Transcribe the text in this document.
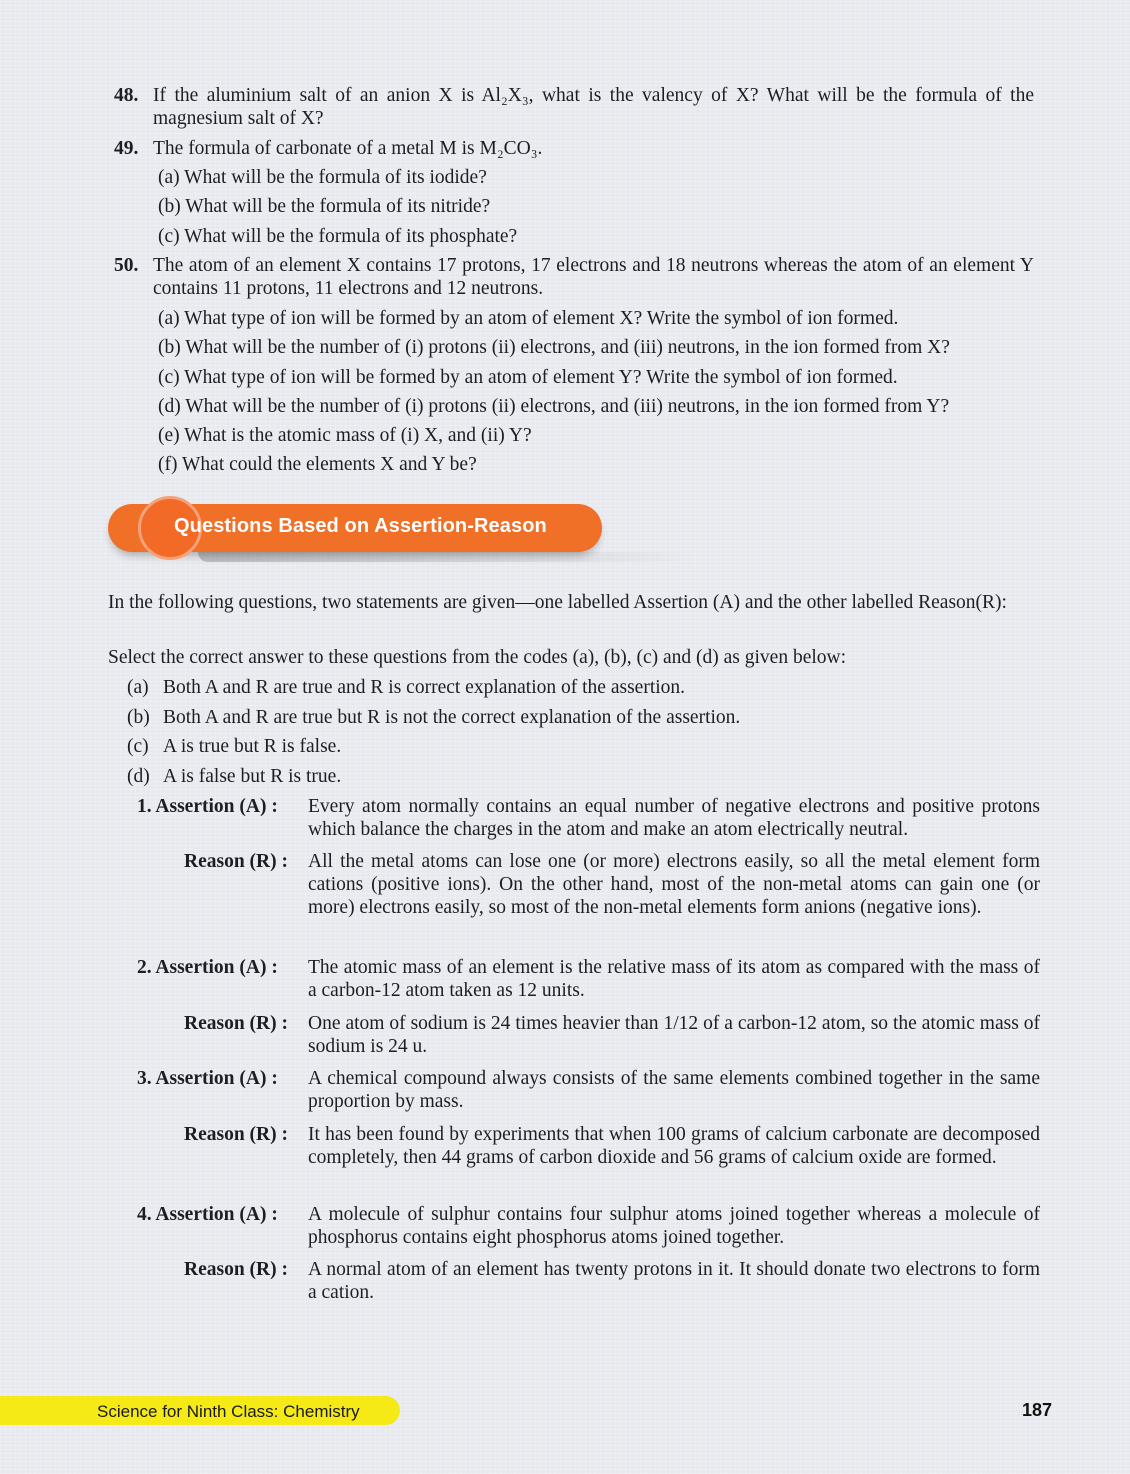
48. If the aluminium salt of an anion X is Al₂X₃, what is the valency of X? What will be the formula of the magnesium salt of X?
49. The formula of carbonate of a metal M is M₂CO₃.
(a) What will be the formula of its iodide?
(b) What will be the formula of its nitride?
(c) What will be the formula of its phosphate?
50. The atom of an element X contains 17 protons, 17 electrons and 18 neutrons whereas the atom of an element Y contains 11 protons, 11 electrons and 12 neutrons.
(a) What type of ion will be formed by an atom of element X? Write the symbol of ion formed.
(b) What will be the number of (i) protons (ii) electrons, and (iii) neutrons, in the ion formed from X?
(c) What type of ion will be formed by an atom of element Y? Write the symbol of ion formed.
(d) What will be the number of (i) protons (ii) electrons, and (iii) neutrons, in the ion formed from Y?
(e) What is the atomic mass of (i) X, and (ii) Y?
(f) What could the elements X and Y be?
Questions Based on Assertion-Reason
In the following questions, two statements are given—one labelled Assertion (A) and the other labelled Reason(R):
Select the correct answer to these questions from the codes (a), (b), (c) and (d) as given below:
(a) Both A and R are true and R is correct explanation of the assertion.
(b) Both A and R are true but R is not the correct explanation of the assertion.
(c) A is true but R is false.
(d) A is false but R is true.
1. Assertion (A) : Every atom normally contains an equal number of negative electrons and positive protons which balance the charges in the atom and make an atom electrically neutral.
Reason (R) : All the metal atoms can lose one (or more) electrons easily, so all the metal element form cations (positive ions). On the other hand, most of the non-metal atoms can gain one (or more) electrons easily, so most of the non-metal elements form anions (negative ions).
2. Assertion (A) : The atomic mass of an element is the relative mass of its atom as compared with the mass of a carbon-12 atom taken as 12 units.
Reason (R) : One atom of sodium is 24 times heavier than 1/12 of a carbon-12 atom, so the atomic mass of sodium is 24 u.
3. Assertion (A) : A chemical compound always consists of the same elements combined together in the same proportion by mass.
Reason (R) : It has been found by experiments that when 100 grams of calcium carbonate are decomposed completely, then 44 grams of carbon dioxide and 56 grams of calcium oxide are formed.
4. Assertion (A) : A molecule of sulphur contains four sulphur atoms joined together whereas a molecule of phosphorus contains eight phosphorus atoms joined together.
Reason (R) : A normal atom of an element has twenty protons in it. It should donate two electrons to form a cation.
Science for Ninth Class: Chemistry	187
